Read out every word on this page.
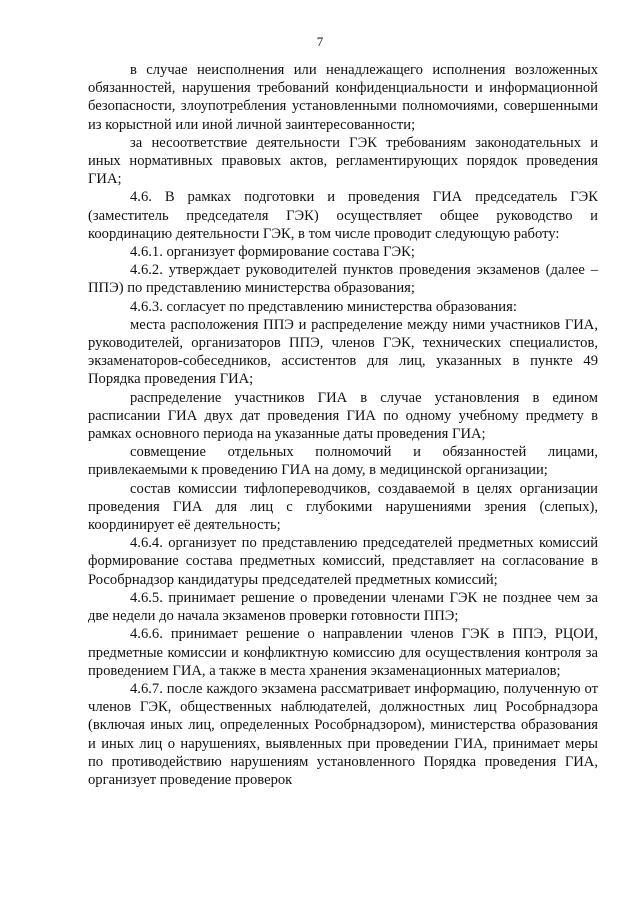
7

в случае неисполнения или ненадлежащего исполнения возложенных обязанностей, нарушения требований конфиденциальности и информационной безопасности, злоупотребления установленными полномочиями, совершенными из корыстной или иной личной заинтересованности;

за несоответствие деятельности ГЭК требованиям законодательных и иных нормативных правовых актов, регламентирующих порядок проведения ГИА;

4.6. В рамках подготовки и проведения ГИА председатель ГЭК (заместитель председателя ГЭК) осуществляет общее руководство и координацию деятельности ГЭК, в том числе проводит следующую работу:

4.6.1. организует формирование состава ГЭК;

4.6.2. утверждает руководителей пунктов проведения экзаменов (далее – ППЭ) по представлению министерства образования;

4.6.3. согласует по представлению министерства образования:

места расположения ППЭ и распределение между ними участников ГИА, руководителей, организаторов ППЭ, членов ГЭК, технических специалистов, экзаменаторов-собеседников, ассистентов для лиц, указанных в пункте 49 Порядка проведения ГИА;

распределение участников ГИА в случае установления в едином расписании ГИА двух дат проведения ГИА по одному учебному предмету в рамках основного периода на указанные даты проведения ГИА;

совмещение отдельных полномочий и обязанностей лицами, привлекаемыми к проведению ГИА на дому, в медицинской организации;

состав комиссии тифлопереводчиков, создаваемой в целях организации проведения ГИА для лиц с глубокими нарушениями зрения (слепых), координирует её деятельность;

4.6.4. организует по представлению председателей предметных комиссий формирование состава предметных комиссий, представляет на согласование в Рособрнадзор кандидатуры председателей предметных комиссий;

4.6.5. принимает решение о проведении членами ГЭК не позднее чем за две недели до начала экзаменов проверки готовности ППЭ;

4.6.6. принимает решение о направлении членов ГЭК в ППЭ, РЦОИ, предметные комиссии и конфликтную комиссию для осуществления контроля за проведением ГИА, а также в места хранения экзаменационных материалов;

4.6.7. после каждого экзамена рассматривает информацию, полученную от членов ГЭК, общественных наблюдателей, должностных лиц Рособрнадзора (включая иных лиц, определенных Рособрнадзором), министерства образования и иных лиц о нарушениях, выявленных при проведении ГИА, принимает меры по противодействию нарушениям установленного Порядка проведения ГИА, организует проведение проверок
